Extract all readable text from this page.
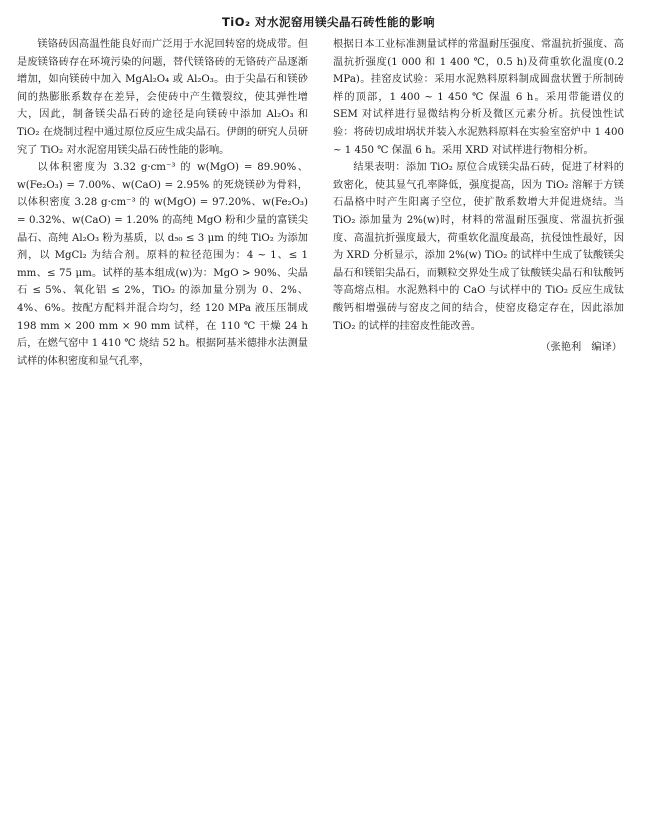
TiO₂ 对水泥窑用镁尖晶石砖性能的影响

镁铬砖因高温性能良好而广泛用于水泥回转窑的烧成带。但是废镁铬砖存在环境污染的问题，替代镁铬砖的无铬砖产品逐渐增加，如向镁砖中加入 MgAl₂O₄ 或 Al₂O₃。由于尖晶石和镁砂间的热膨胀系数存在差异，会使砖中产生微裂纹，使其弹性增大，因此，制备镁尖晶石砖的途径是向镁砖中添加 Al₂O₃ 和 TiO₂ 在烧制过程中通过原位反应生成尖晶石。伊朗的研究人员研究了 TiO₂ 对水泥窑用镁尖晶石砖性能的影响。

以体积密度为 3.32 g·cm⁻³ 的 w(MgO) = 89.90%、w(Fe₂O₃) = 7.00%、w(CaO) = 2.95% 的死烧镁砂为骨料，以体积密度 3.28 g·cm⁻³ 的 w(MgO) = 97.20%、w(Fe₂O₃) = 0.32%、w(CaO) = 1.20% 的高纯 MgO 粉和少量的富镁尖晶石、高纯 Al₂O₃ 粉为基质，以 d₅₀ ≤ 3 μm 的纯 TiO₂ 为添加剂，以 MgCl₂ 为结合剂。原料的粒径范围为：4 ~ 1、≤ 1 mm、≤ 75 μm。试样的基本组成(w)为：MgO > 90%、尖晶石 ≤ 5%、氧化铝 ≤ 2%，TiO₂ 的添加量分别为 0、2%、4%、6%。按配方配料并混合均匀，经 120 MPa 液压压制成 198 mm × 200 mm × 90 mm 试样，在 110 ℃ 干燥 24 h 后，在燃气窑中 1 410 ℃ 烧结 52 h。根据阿基米德排水法测量试样的体积密度和显气孔率，

根据日本工业标准测量试样的常温耐压强度、常温抗折强度、高温抗折强度(1 000 和 1 400 ℃，0.5 h)及荷重软化温度(0.2 MPa)。挂窑皮试验：采用水泥熟料原料制成圆盘状置于所制砖样的顶部，1 400 ~ 1 450 ℃ 保温 6 h。采用带能谱仪的 SEM 对试样进行显微结构分析及微区元素分析。抗侵蚀性试验：将砖切成坩埚状并装入水泥熟料原料在实验室窑炉中 1 400 ~ 1 450 ℃ 保温 6 h。采用 XRD 对试样进行物相分析。

结果表明：添加 TiO₂ 原位合成镁尖晶石砖，促进了材料的致密化，使其显气孔率降低，强度提高，因为 TiO₂ 溶解于方镁石晶格中时产生阳离子空位，使扩散系数增大并促进烧结。当 TiO₂ 添加量为 2%(w)时，材料的常温耐压强度、常温抗折强度、高温抗折强度最大，荷重软化温度最高，抗侵蚀性最好，因为 XRD 分析显示，添加 2%(w) TiO₂ 的试样中生成了钛酸镁尖晶石和镁铝尖晶石，而颗粒交界处生成了钛酸镁尖晶石和钛酸钙等高熔点相。水泥熟料中的 CaO 与试样中的 TiO₂ 反应生成钛酸钙相增强砖与窑皮之间的结合，使窑皮稳定存在，因此添加 TiO₂ 的试样的挂窑皮性能改善。

（张艳利　编译）
